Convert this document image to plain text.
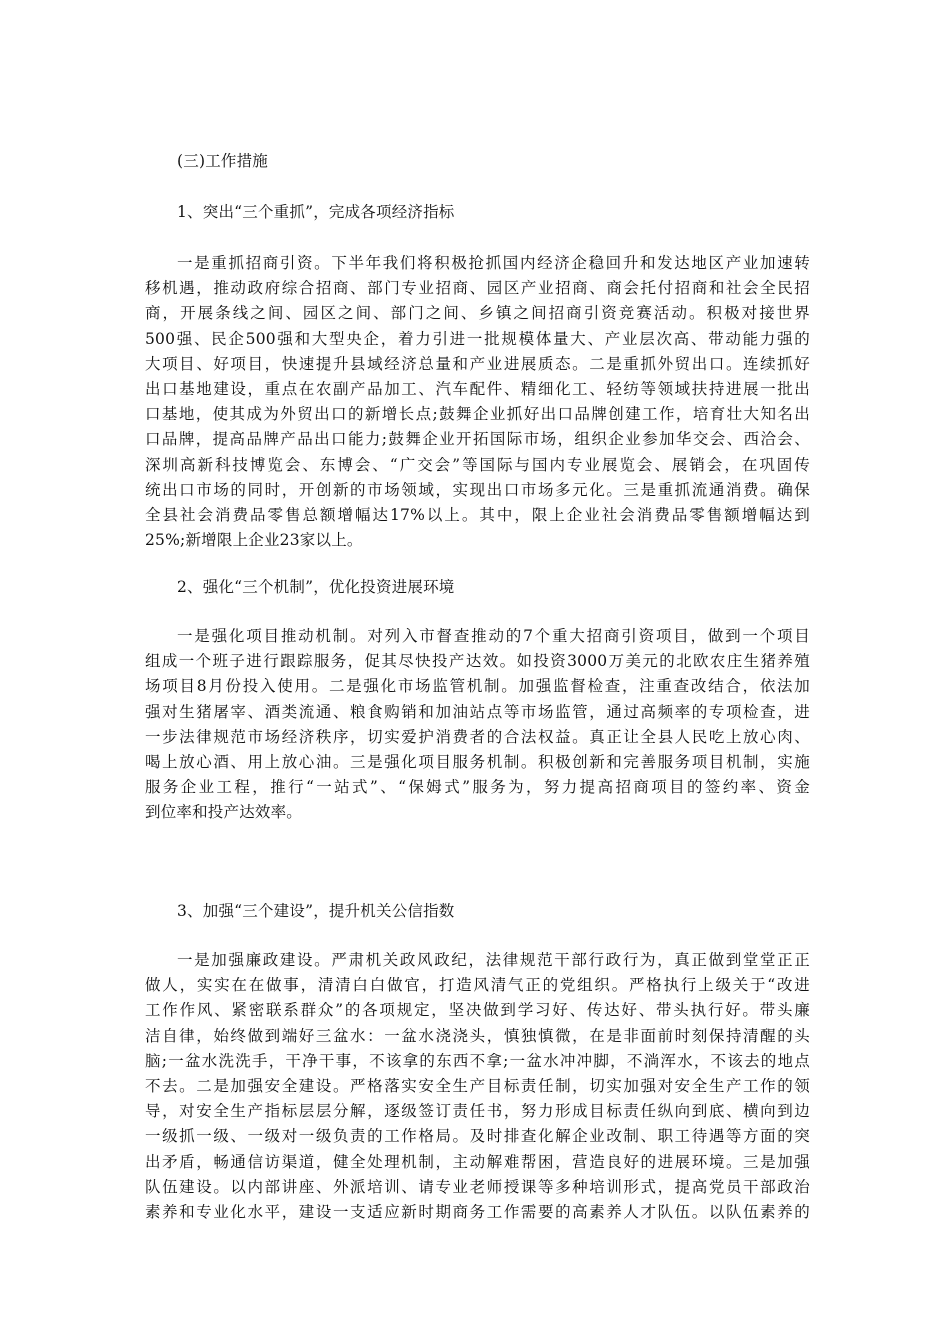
(三)工作措施
1、突出“三个重抓”，完成各项经济指标
一是重抓招商引资。下半年我们将积极抢抓国内经济企稳回升和发达地区产业加速转
移机遇，推动政府综合招商、部门专业招商、园区产业招商、商会托付招商和社会全民招
商，开展条线之间、园区之间、部门之间、乡镇之间招商引资竞赛活动。积极对接世界
500强、民企500强和大型央企，着力引进一批规模体量大、产业层次高、带动能力强的
大项目、好项目，快速提升县域经济总量和产业进展质态。二是重抓外贸出口。连续抓好
出口基地建设，重点在农副产品加工、汽车配件、精细化工、轻纺等领域扶持进展一批出
口基地，使其成为外贸出口的新增长点;鼓舞企业抓好出口品牌创建工作，培育壮大知名出
口品牌，提高品牌产品出口能力;鼓舞企业开拓国际市场，组织企业参加华交会、西洽会、
深圳高新科技博览会、东博会、“广交会”等国际与国内专业展览会、展销会，在巩固传
统出口市场的同时，开创新的市场领域，实现出口市场多元化。三是重抓流通消费。确保
全县社会消费品零售总额增幅达17%以上。其中，限上企业社会消费品零售额增幅达到
25%;新增限上企业23家以上。
2、强化“三个机制”，优化投资进展环境
一是强化项目推动机制。对列入市督查推动的7个重大招商引资项目，做到一个项目
组成一个班子进行跟踪服务，促其尽快投产达效。如投资3000万美元的北欧农庄生猪养殖
场项目8月份投入使用。二是强化市场监管机制。加强监督检查，注重查改结合，依法加
强对生猪屠宰、酒类流通、粮食购销和加油站点等市场监管，通过高频率的专项检查，进
一步法律规范市场经济秩序，切实爱护消费者的合法权益。真正让全县人民吃上放心肉、
喝上放心酒、用上放心油。三是强化项目服务机制。积极创新和完善服务项目机制，实施
服务企业工程，推行“一站式”、“保姆式”服务为，努力提高招商项目的签约率、资金
到位率和投产达效率。
3、加强“三个建设”，提升机关公信指数
一是加强廉政建设。严肃机关政风政纪，法律规范干部行政行为，真正做到堂堂正正
做人，实实在在做事，清清白白做官，打造风清气正的党组织。严格执行上级关于“改进
工作作风、紧密联系群众”的各项规定，坚决做到学习好、传达好、带头执行好。带头廉
洁自律，始终做到端好三盆水：一盆水浇浇头，慎独慎微，在是非面前时刻保持清醒的头
脑;一盆水洗洗手，干净干事，不该拿的东西不拿;一盆水冲冲脚，不淌浑水，不该去的地点
不去。二是加强安全建设。严格落实安全生产目标责任制，切实加强对安全生产工作的领
导，对安全生产指标层层分解，逐级签订责任书，努力形成目标责任纵向到底、横向到边
一级抓一级、一级对一级负责的工作格局。及时排查化解企业改制、职工待遇等方面的突
出矛盾，畅通信访渠道，健全处理机制，主动解难帮困，营造良好的进展环境。三是加强
队伍建设。以内部讲座、外派培训、请专业老师授课等多种培训形式，提高党员干部政治
素养和专业化水平，建设一支适应新时期商务工作需要的高素养人才队伍。以队伍素养的
